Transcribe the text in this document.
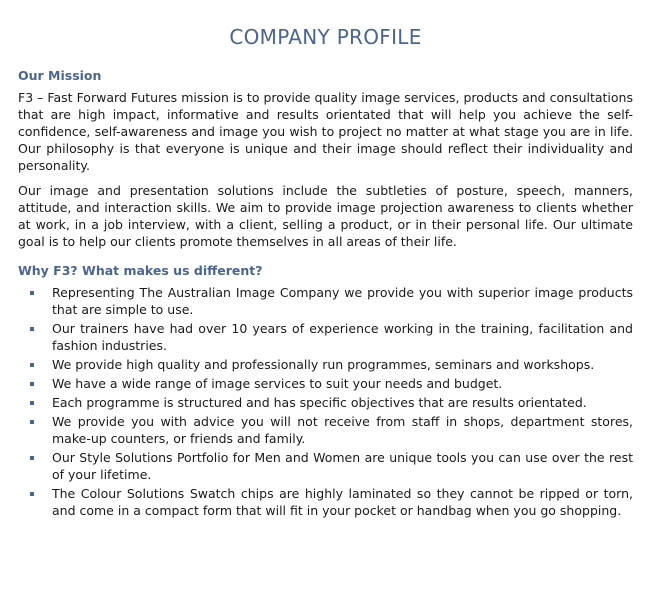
COMPANY PROFILE
Our Mission

F3 – Fast Forward Futures mission is to provide quality image services, products and consultations that are high impact, informative and results orientated that will help you achieve the self-confidence, self-awareness and image you wish to project no matter at what stage you are in life. Our philosophy is that everyone is unique and their image should reflect their individuality and personality.

Our image and presentation solutions include the subtleties of posture, speech, manners, attitude, and interaction skills. We aim to provide image projection awareness to clients whether at work, in a job interview, with a client, selling a product, or in their personal life. Our ultimate goal is to help our clients promote themselves in all areas of their life.

Why F3? What makes us different?
Representing The Australian Image Company we provide you with superior image products that are simple to use.
Our trainers have had over 10 years of experience working in the training, facilitation and fashion industries.
We provide high quality and professionally run programmes, seminars and workshops.
We have a wide range of image services to suit your needs and budget.
Each programme is structured and has specific objectives that are results orientated.
We provide you with advice you will not receive from staff in shops, department stores, make-up counters, or friends and family.
Our Style Solutions Portfolio for Men and Women are unique tools you can use over the rest of your lifetime.
The Colour Solutions Swatch chips are highly laminated so they cannot be ripped or torn, and come in a compact form that will fit in your pocket or handbag when you go shopping.
